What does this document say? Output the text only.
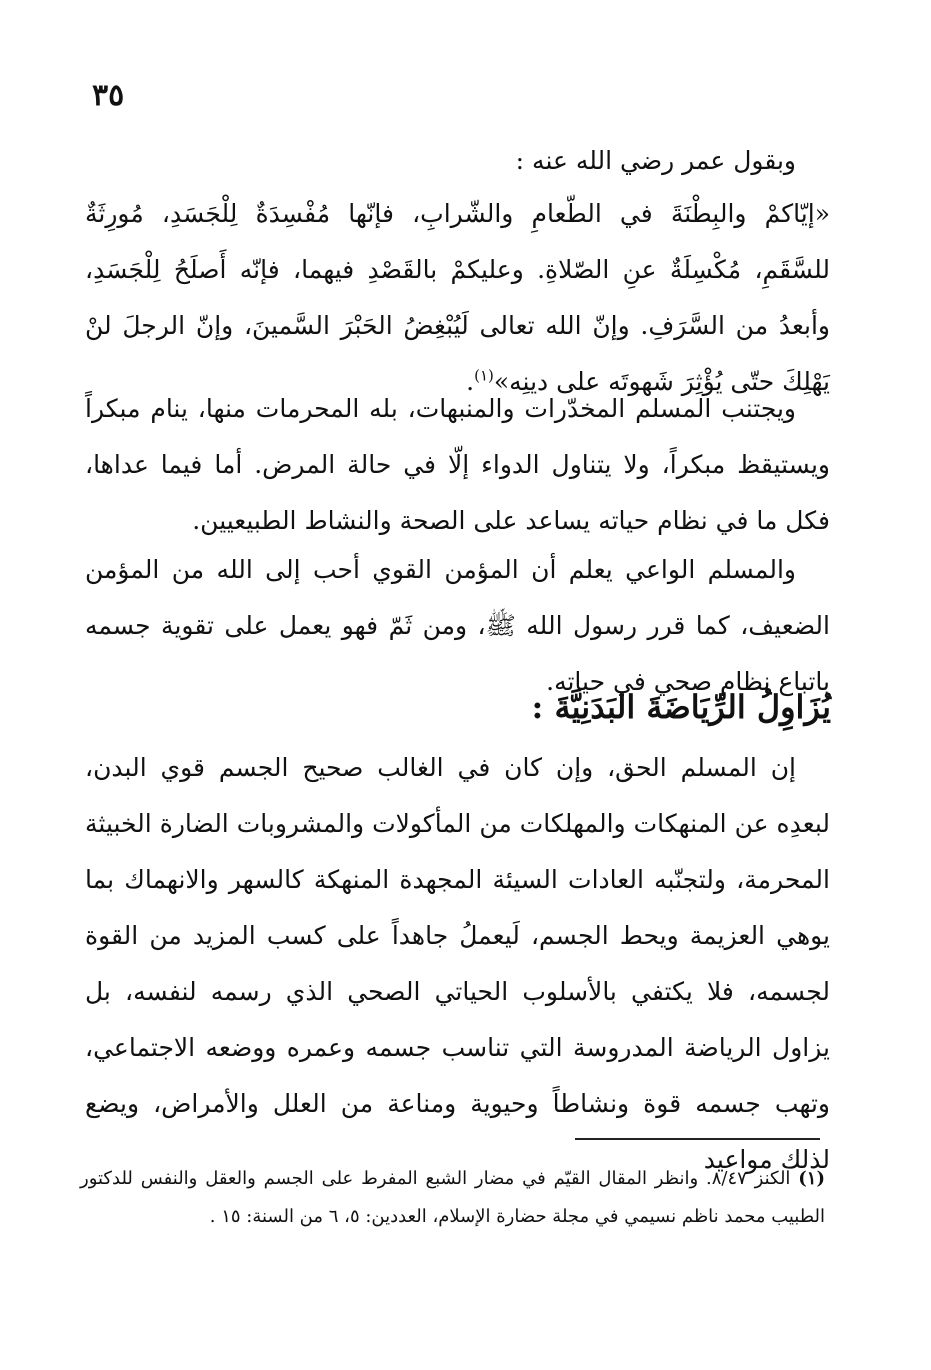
٣٥
وبقول عمر رضي الله عنه :
«إيّاكمْ والبِطْنَةَ في الطّعامِ والشّرابِ، فإنّها مُفْسِدَةٌ لِلْجَسَدِ، مُورِثَةٌ للسَّقَمِ، مُكْسِلَةٌ عنِ الصّلاةِ. وعليكمْ بالقَصْدِ فيهما، فإنّه أَصلَحُ لِلْجَسَدِ، وأبعدُ من السَّرَفِ. وإنّ الله تعالى لَيُبْغِضُ الحَبْرَ السَّمينَ، وإنّ الرجلَ لنْ يَهْلِكَ حتّى يُؤْثِرَ شَهوتَه على دينِه»$^{(١)}$.
ويجتنب المسلم المخدّرات والمنبهات، بله المحرمات منها، ينام مبكراً ويستيقظ مبكراً، ولا يتناول الدواء إلّا في حالة المرض. أما فيما عداها، فكل ما في نظام حياته يساعد على الصحة والنشاط الطبيعيين.
والمسلم الواعي يعلم أن المؤمن القوي أحب إلى الله من المؤمن الضعيف، كما قرر رسول الله ﷺ، ومن ثَمّ فهو يعمل على تقوية جسمه باتباع نظام صحي في حياته.
يُزَاوِلُ الرِّيَاضَةَ البَدَنِيَّةَ :
إن المسلم الحق، وإن كان في الغالب صحيح الجسم قوي البدن، لبعدِه عن المنهكات والمهلكات من المأكولات والمشروبات الضارة الخبيثة المحرمة، ولتجنّبه العادات السيئة المجهدة المنهكة كالسهر والانهماك بما يوهي العزيمة ويحط الجسم، لَيعملُ جاهداً على كسب المزيد من القوة لجسمه، فلا يكتفي بالأسلوب الحياتي الصحي الذي رسمه لنفسه، بل يزاول الرياضة المدروسة التي تناسب جسمه وعمره ووضعه الاجتماعي، وتهب جسمه قوة ونشاطاً وحيوية ومناعة من العلل والأمراض، ويضع لذلك مواعيد
(١) الكنز ٨/٤٧. وانظر المقال القيّم في مضار الشبع المفرط على الجسم والعقل والنفس للدكتور الطبيب محمد ناظم نسيمي في مجلة حضارة الإسلام، العددين: ٥، ٦ من السنة: ١٥ .
